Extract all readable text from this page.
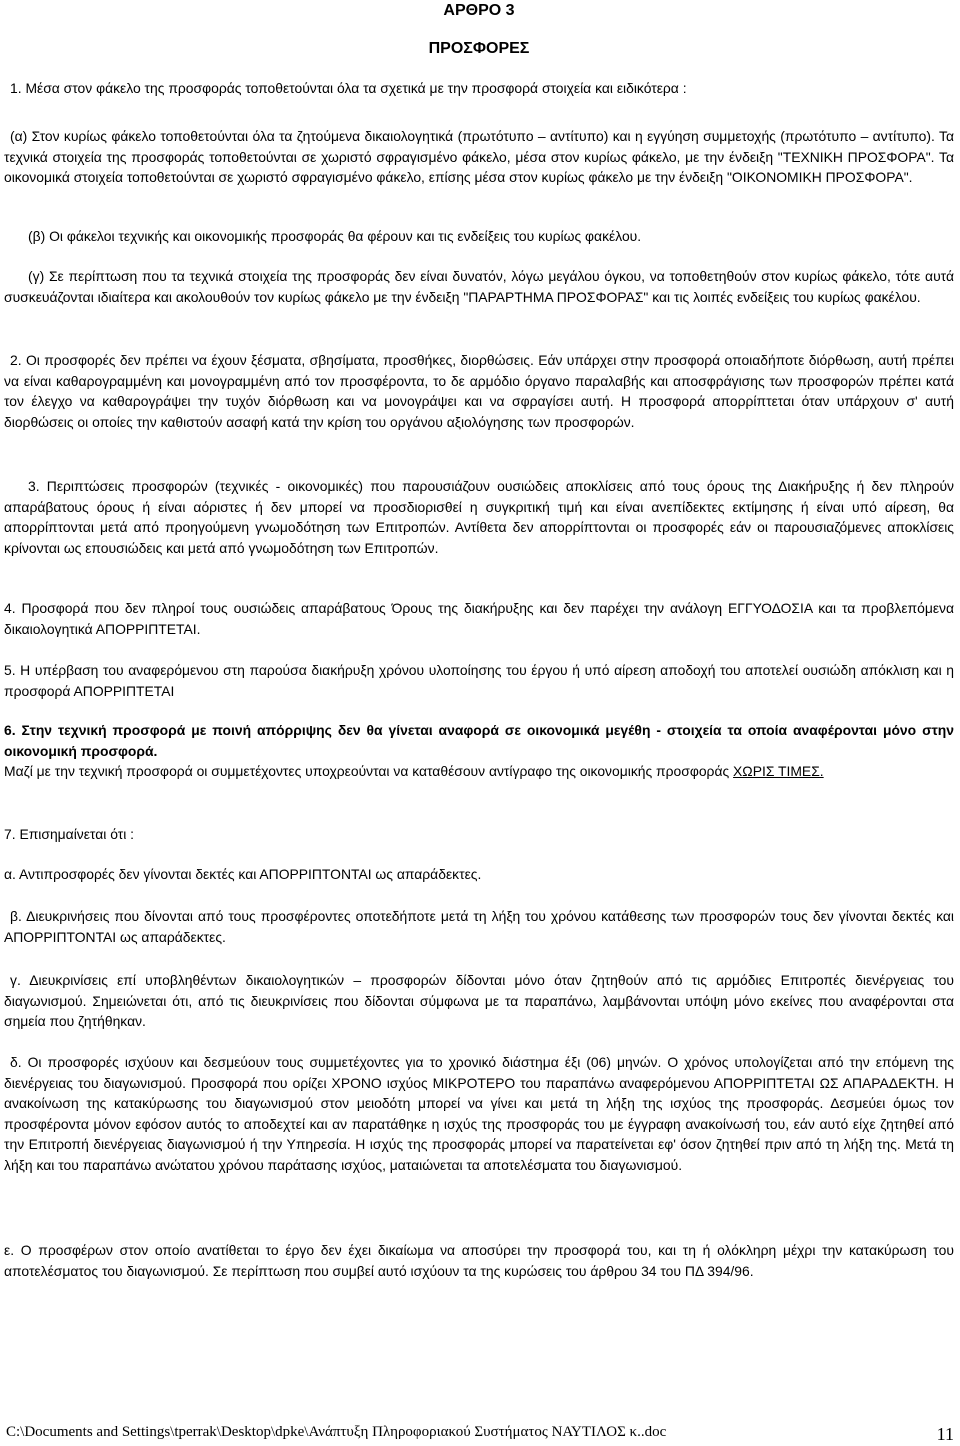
ΑΡΘΡΟ 3
ΠΡΟΣΦΟΡΕΣ

1. Μέσα στον φάκελο της προσφοράς τοποθετούνται όλα τα σχετικά με την προσφορά στοιχεία και ειδικότερα :

(α) Στον κυρίως φάκελο τοποθετούνται όλα τα ζητούμενα δικαιολογητικά (πρωτότυπο – αντίτυπο) και η εγγύηση συμμετοχής (πρωτότυπο – αντίτυπο). Τα τεχνικά στοιχεία της προσφοράς τοποθετούνται σε χωριστό σφραγισμένο φάκελο, μέσα στον κυρίως φάκελο, με την ένδειξη "ΤΕΧΝΙΚΗ ΠΡΟΣΦΟΡΑ". Τα οικονομικά στοιχεία τοποθετούνται σε χωριστό σφραγισμένο φάκελο, επίσης μέσα στον κυρίως φάκελο με την ένδειξη "ΟΙΚΟΝΟΜΙΚΗ ΠΡΟΣΦΟΡΑ".

(β) Οι φάκελοι τεχνικής και οικονομικής προσφοράς θα φέρουν και τις ενδείξεις του κυρίως φακέλου.

(γ) Σε περίπτωση που τα τεχνικά στοιχεία της προσφοράς δεν είναι δυνατόν, λόγω μεγάλου όγκου, να τοποθετηθούν στον κυρίως φάκελο, τότε αυτά συσκευάζονται ιδιαίτερα και ακολουθούν τον κυρίως φάκελο με την ένδειξη "ΠΑΡΑΡΤΗΜΑ ΠΡΟΣΦΟΡΑΣ" και τις λοιπές ενδείξεις του κυρίως φακέλου.

2. Οι προσφορές δεν πρέπει να έχουν ξέσματα, σβησίματα, προσθήκες, διορθώσεις. Εάν υπάρχει στην προσφορά οποιαδήποτε διόρθωση, αυτή πρέπει να είναι καθαρογραμμένη και μονογραμμένη από τον προσφέροντα, το δε αρμόδιο όργανο παραλαβής και αποσφράγισης των προσφορών πρέπει κατά τον έλεγχο να καθαρογράψει την τυχόν διόρθωση και να μονογράψει και να σφραγίσει αυτή. Η προσφορά απορρίπτεται όταν υπάρχουν σ' αυτή διορθώσεις οι οποίες την καθιστούν ασαφή κατά την κρίση του οργάνου αξιολόγησης των προσφορών.

3. Περιπτώσεις προσφορών (τεχνικές - οικονομικές) που παρουσιάζουν ουσιώδεις αποκλίσεις από τους όρους της Διακήρυξης ή δεν πληρούν απαράβατους όρους ή είναι αόριστες ή δεν μπορεί να προσδιορισθεί η συγκριτική τιμή και είναι ανεπίδεκτες εκτίμησης ή είναι υπό αίρεση, θα απορρίπτονται μετά από προηγούμενη γνωμοδότηση των Επιτροπών. Αντίθετα δεν απορρίπτονται οι προσφορές εάν οι παρουσιαζόμενες αποκλίσεις κρίνονται ως επουσιώδεις και μετά από γνωμοδότηση των Επιτροπών.

4. Προσφορά που δεν πληροί τους ουσιώδεις απαράβατους Όρους της διακήρυξης και δεν παρέχει την ανάλογη ΕΓΓΥΟΔΟΣΙΑ και τα προβλεπόμενα δικαιολογητικά ΑΠΟΡΡΙΠΤΕΤΑΙ.

5. Η υπέρβαση του αναφερόμενου στη παρούσα διακήρυξη χρόνου υλοποίησης του έργου ή υπό αίρεση αποδοχή του αποτελεί ουσιώδη απόκλιση και η προσφορά ΑΠΟΡΡΙΠΤΕΤΑΙ

6. Στην τεχνική προσφορά με ποινή απόρριψης δεν θα γίνεται αναφορά σε οικονομικά μεγέθη - στοιχεία τα οποία αναφέρονται μόνο στην οικονομική προσφορά.
Μαζί με την τεχνική προσφορά οι συμμετέχοντες υποχρεούνται να καταθέσουν αντίγραφο της οικονομικής προσφοράς ΧΩΡΙΣ ΤΙΜΕΣ.

7. Επισημαίνεται ότι :

α. Αντιπροσφορές δεν γίνονται δεκτές και ΑΠΟΡΡΙΠΤΟΝΤΑΙ ως απαράδεκτες.

β. Διευκρινήσεις που δίνονται από τους προσφέροντες οποτεδήποτε μετά τη λήξη του χρόνου κατάθεσης των προσφορών τους δεν γίνονται δεκτές και ΑΠΟΡΡΙΠΤΟΝΤΑΙ ως απαράδεκτες.

γ. Διευκρινίσεις επί υποβληθέντων δικαιολογητικών – προσφορών δίδονται μόνο όταν ζητηθούν από τις αρμόδιες Επιτροπές διενέργειας του διαγωνισμού. Σημειώνεται ότι, από τις διευκρινίσεις που δίδονται σύμφωνα με τα παραπάνω, λαμβάνονται υπόψη μόνο εκείνες που αναφέρονται στα σημεία που ζητήθηκαν.

δ. Οι προσφορές ισχύουν και δεσμεύουν τους συμμετέχοντες για το χρονικό διάστημα έξι (06) μηνών. Ο χρόνος υπολογίζεται από την επόμενη της διενέργειας του διαγωνισμού. Προσφορά που ορίζει ΧΡΟΝΟ ισχύος ΜΙΚΡΟΤΕΡΟ του παραπάνω αναφερόμενου ΑΠΟΡΡΙΠΤΕΤΑΙ ΩΣ ΑΠΑΡΑΔΕΚΤΗ. Η ανακοίνωση της κατακύρωσης του διαγωνισμού στον μειοδότη μπορεί να γίνει και μετά τη λήξη της ισχύος της προσφοράς. Δεσμεύει όμως τον προσφέροντα μόνον εφόσον αυτός το αποδεχτεί και αν παρατάθηκε η ισχύς της προσφοράς του με έγγραφη ανακοίνωσή του, εάν αυτό είχε ζητηθεί από την Επιτροπή διενέργειας διαγωνισμού ή την Υπηρεσία. Η ισχύς της προσφοράς μπορεί να παρατείνεται εφ' όσον ζητηθεί πριν από τη λήξη της. Μετά τη λήξη και του παραπάνω ανώτατου χρόνου παράτασης ισχύος, ματαιώνεται τα αποτελέσματα του διαγωνισμού.

ε. Ο προσφέρων στον οποίο ανατίθεται το έργο δεν έχει δικαίωμα να αποσύρει την προσφορά του, και τη ή ολόκληρη μέχρι την κατακύρωση του αποτελέσματος του διαγωνισμού. Σε περίπτωση που συμβεί αυτό ισχύουν τα της κυρώσεις του άρθρου 34 του ΠΔ 394/96.

C:\Documents and Settings\tperrak\Desktop\dpke\Ανάπτυξη Πληροφοριακού Συστήματος ΝΑΥΤΙΛΟΣ κ..doc	11
